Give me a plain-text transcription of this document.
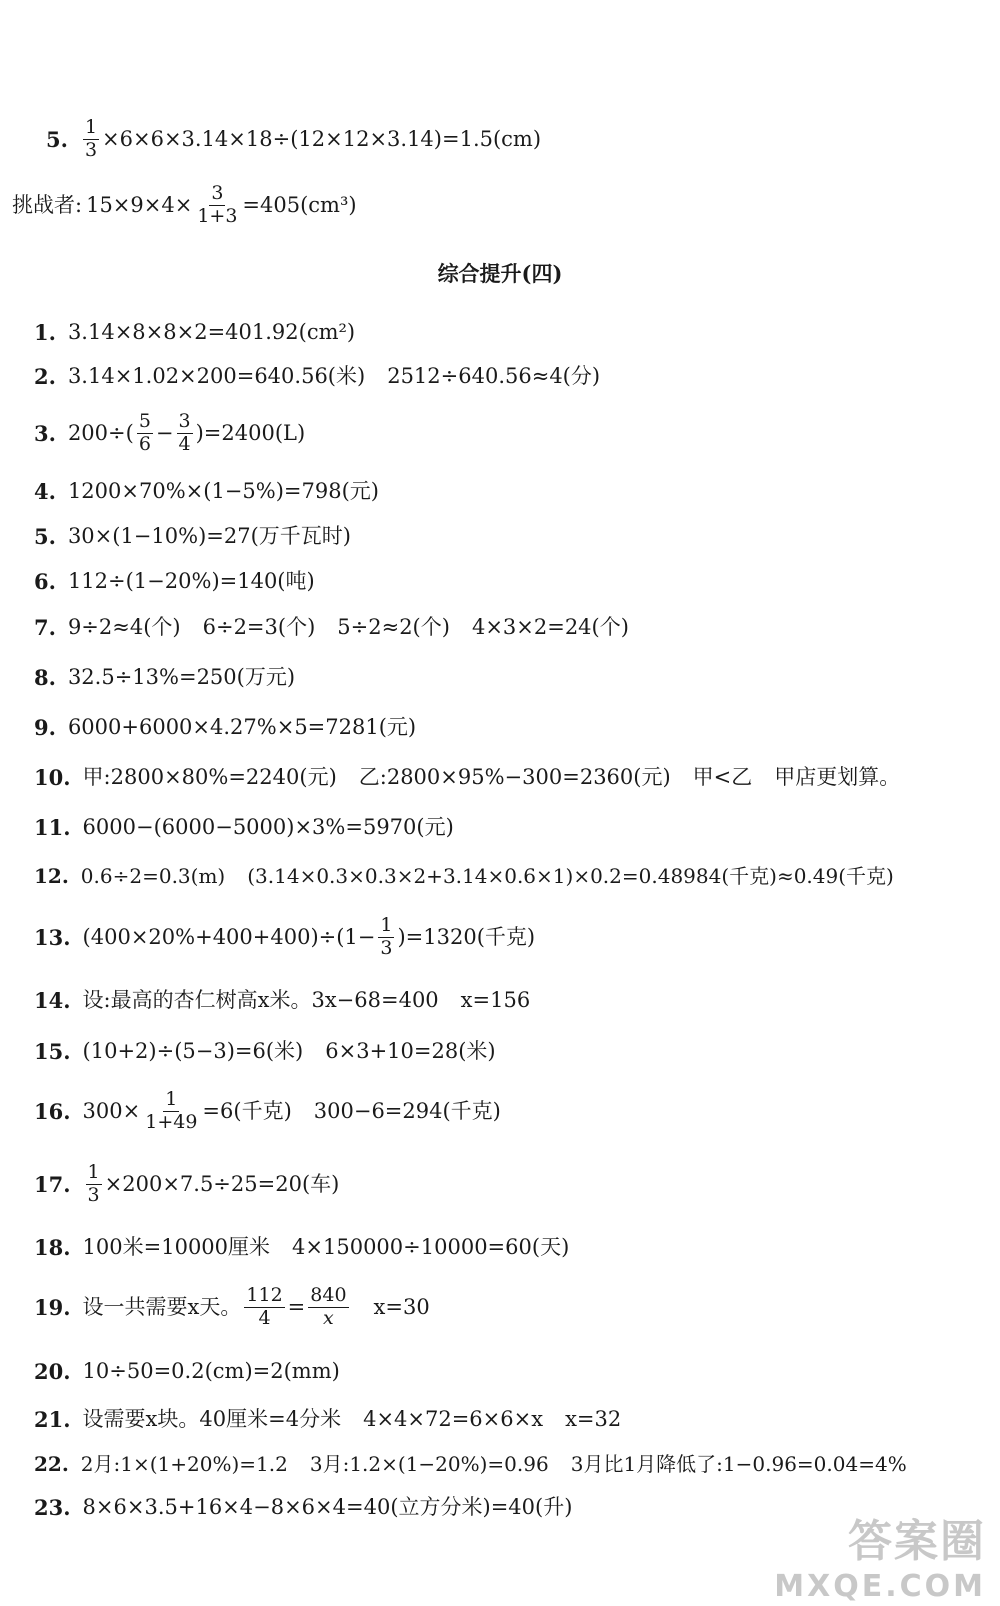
5. $\frac{1}{3} \times 6\times 6\times 3.14\times 18\div(12\times 12\times 3.14)=1.5(cm)$
挑战者: $15\times 9\times 4\times \frac{3}{1+3} =405(cm^3)$
综合提升(四)
1. 3.14×8×8×2=401.92(cm²)
2. 3.14×1.02×200=640.56(米) 2512÷640.56≈4(分)
3. $200\div( \frac{5}{6} - \frac{3}{4} )=2400(L)$
4. 1200×70%×(1−5%)=798(元)
5. 30×(1−10%)=27(万千瓦时)
6. 112÷(1−20%)=140(吨)
7. 9÷2≈4(个) 6÷2=3(个) 5÷2≈2(个) 4×3×2=24(个)
8. 32.5÷13%=250(万元)
9. 6000+6000×4.27%×5=7281(元)
10. 甲:2800×80%=2240(元) 乙:2800×95%−300=2360(元) 甲<乙 甲店更划算。
11. 6000−(6000−5000)×3%=5970(元)
12. 0.6÷2=0.3(m) (3.14×0.3×0.3×2+3.14×0.6×1)×0.2=0.48984(千克)≈0.49(千克)
13. $(400\times 20\%+400+400)\div(1- \frac{1}{3} )=1320$(千克)
14. 设:最高的杏仁树高x米。3x−68=400 x=156
15. (10+2)÷(5−3)=6(米) 6×3+10=28(米)
16. $300\times \frac{1}{1+49} =6$(千克) 300−6=294(千克)
17. $\frac{1}{3} \times 200\times 7.5\div 25=20$(车)
18. 100米=10000厘米 4×150000÷10000=60(天)
19. 设一共需要x天。 $\frac{112}{4} = \frac{840}{x} x=30$
20. 10÷50=0.2(cm)=2(mm)
21. 设需要x块。40厘米=4分米 4×4×72=6×6×x x=32
22. 2月:1×(1+20%)=1.2 3月:1.2×(1−20%)=0.96 3月比1月降低了:1−0.96=0.04=4%
23. 8×6×3.5+16×4−8×6×4=40(立方分米)=40(升)
答案圈
MXQE.COM
